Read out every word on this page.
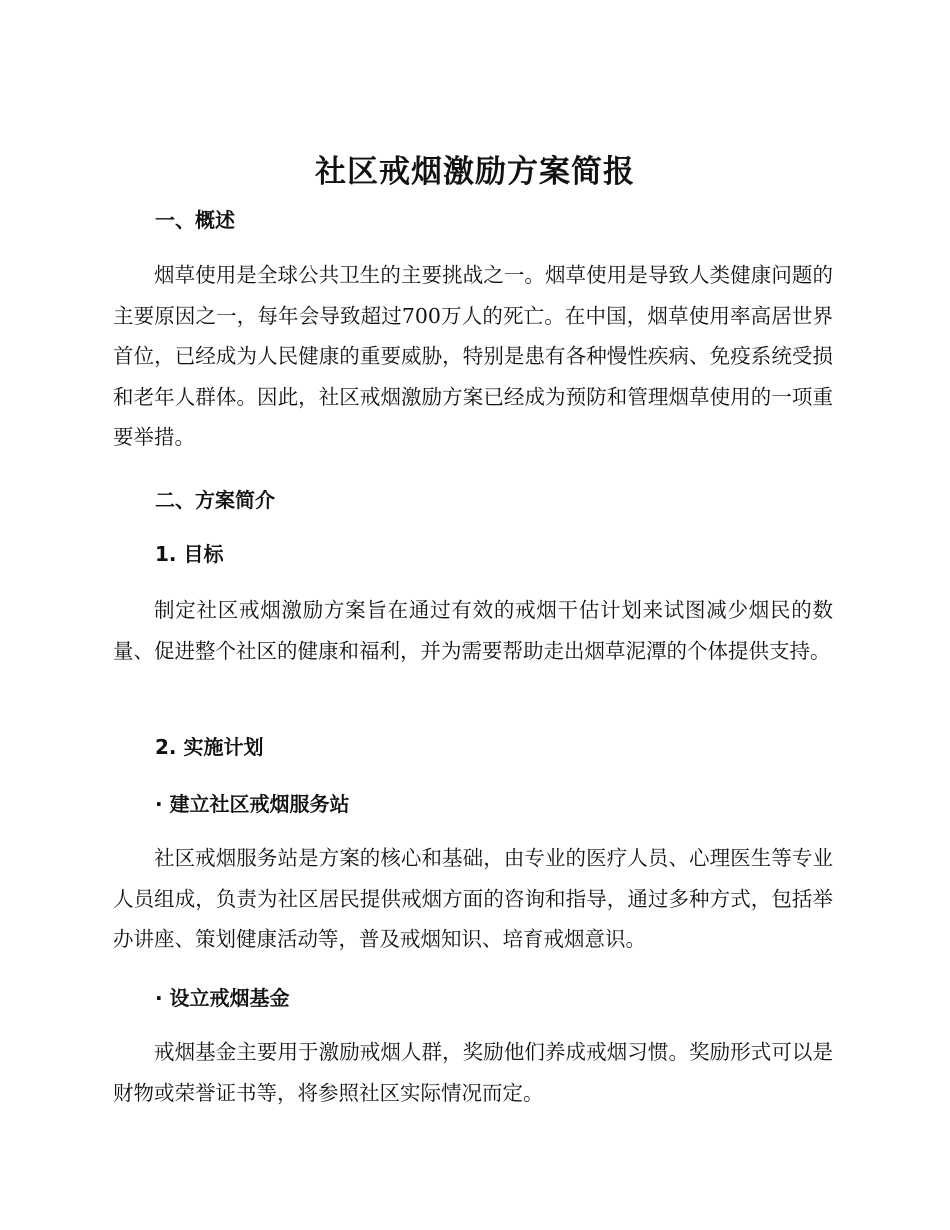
社区戒烟激励方案简报
一、概述

烟草使用是全球公共卫生的主要挑战之一。烟草使用是导致人类健康问题的主要原因之一，每年会导致超过700万人的死亡。在中国，烟草使用率高居世界首位，已经成为人民健康的重要威胁，特别是患有各种慢性疾病、免疫系统受损和老年人群体。因此，社区戒烟激励方案已经成为预防和管理烟草使用的一项重要举措。

二、方案简介
1. 目标

制定社区戒烟激励方案旨在通过有效的戒烟干估计划来试图减少烟民的数量、促进整个社区的健康和福利，并为需要帮助走出烟草泥潭的个体提供支持。

2. 实施计划
· 建立社区戒烟服务站

社区戒烟服务站是方案的核心和基础，由专业的医疗人员、心理医生等专业人员组成，负责为社区居民提供戒烟方面的咨询和指导，通过多种方式，包括举办讲座、策划健康活动等，普及戒烟知识、培育戒烟意识。

· 设立戒烟基金

戒烟基金主要用于激励戒烟人群，奖励他们养成戒烟习惯。奖励形式可以是财物或荣誉证书等，将参照社区实际情况而定。
